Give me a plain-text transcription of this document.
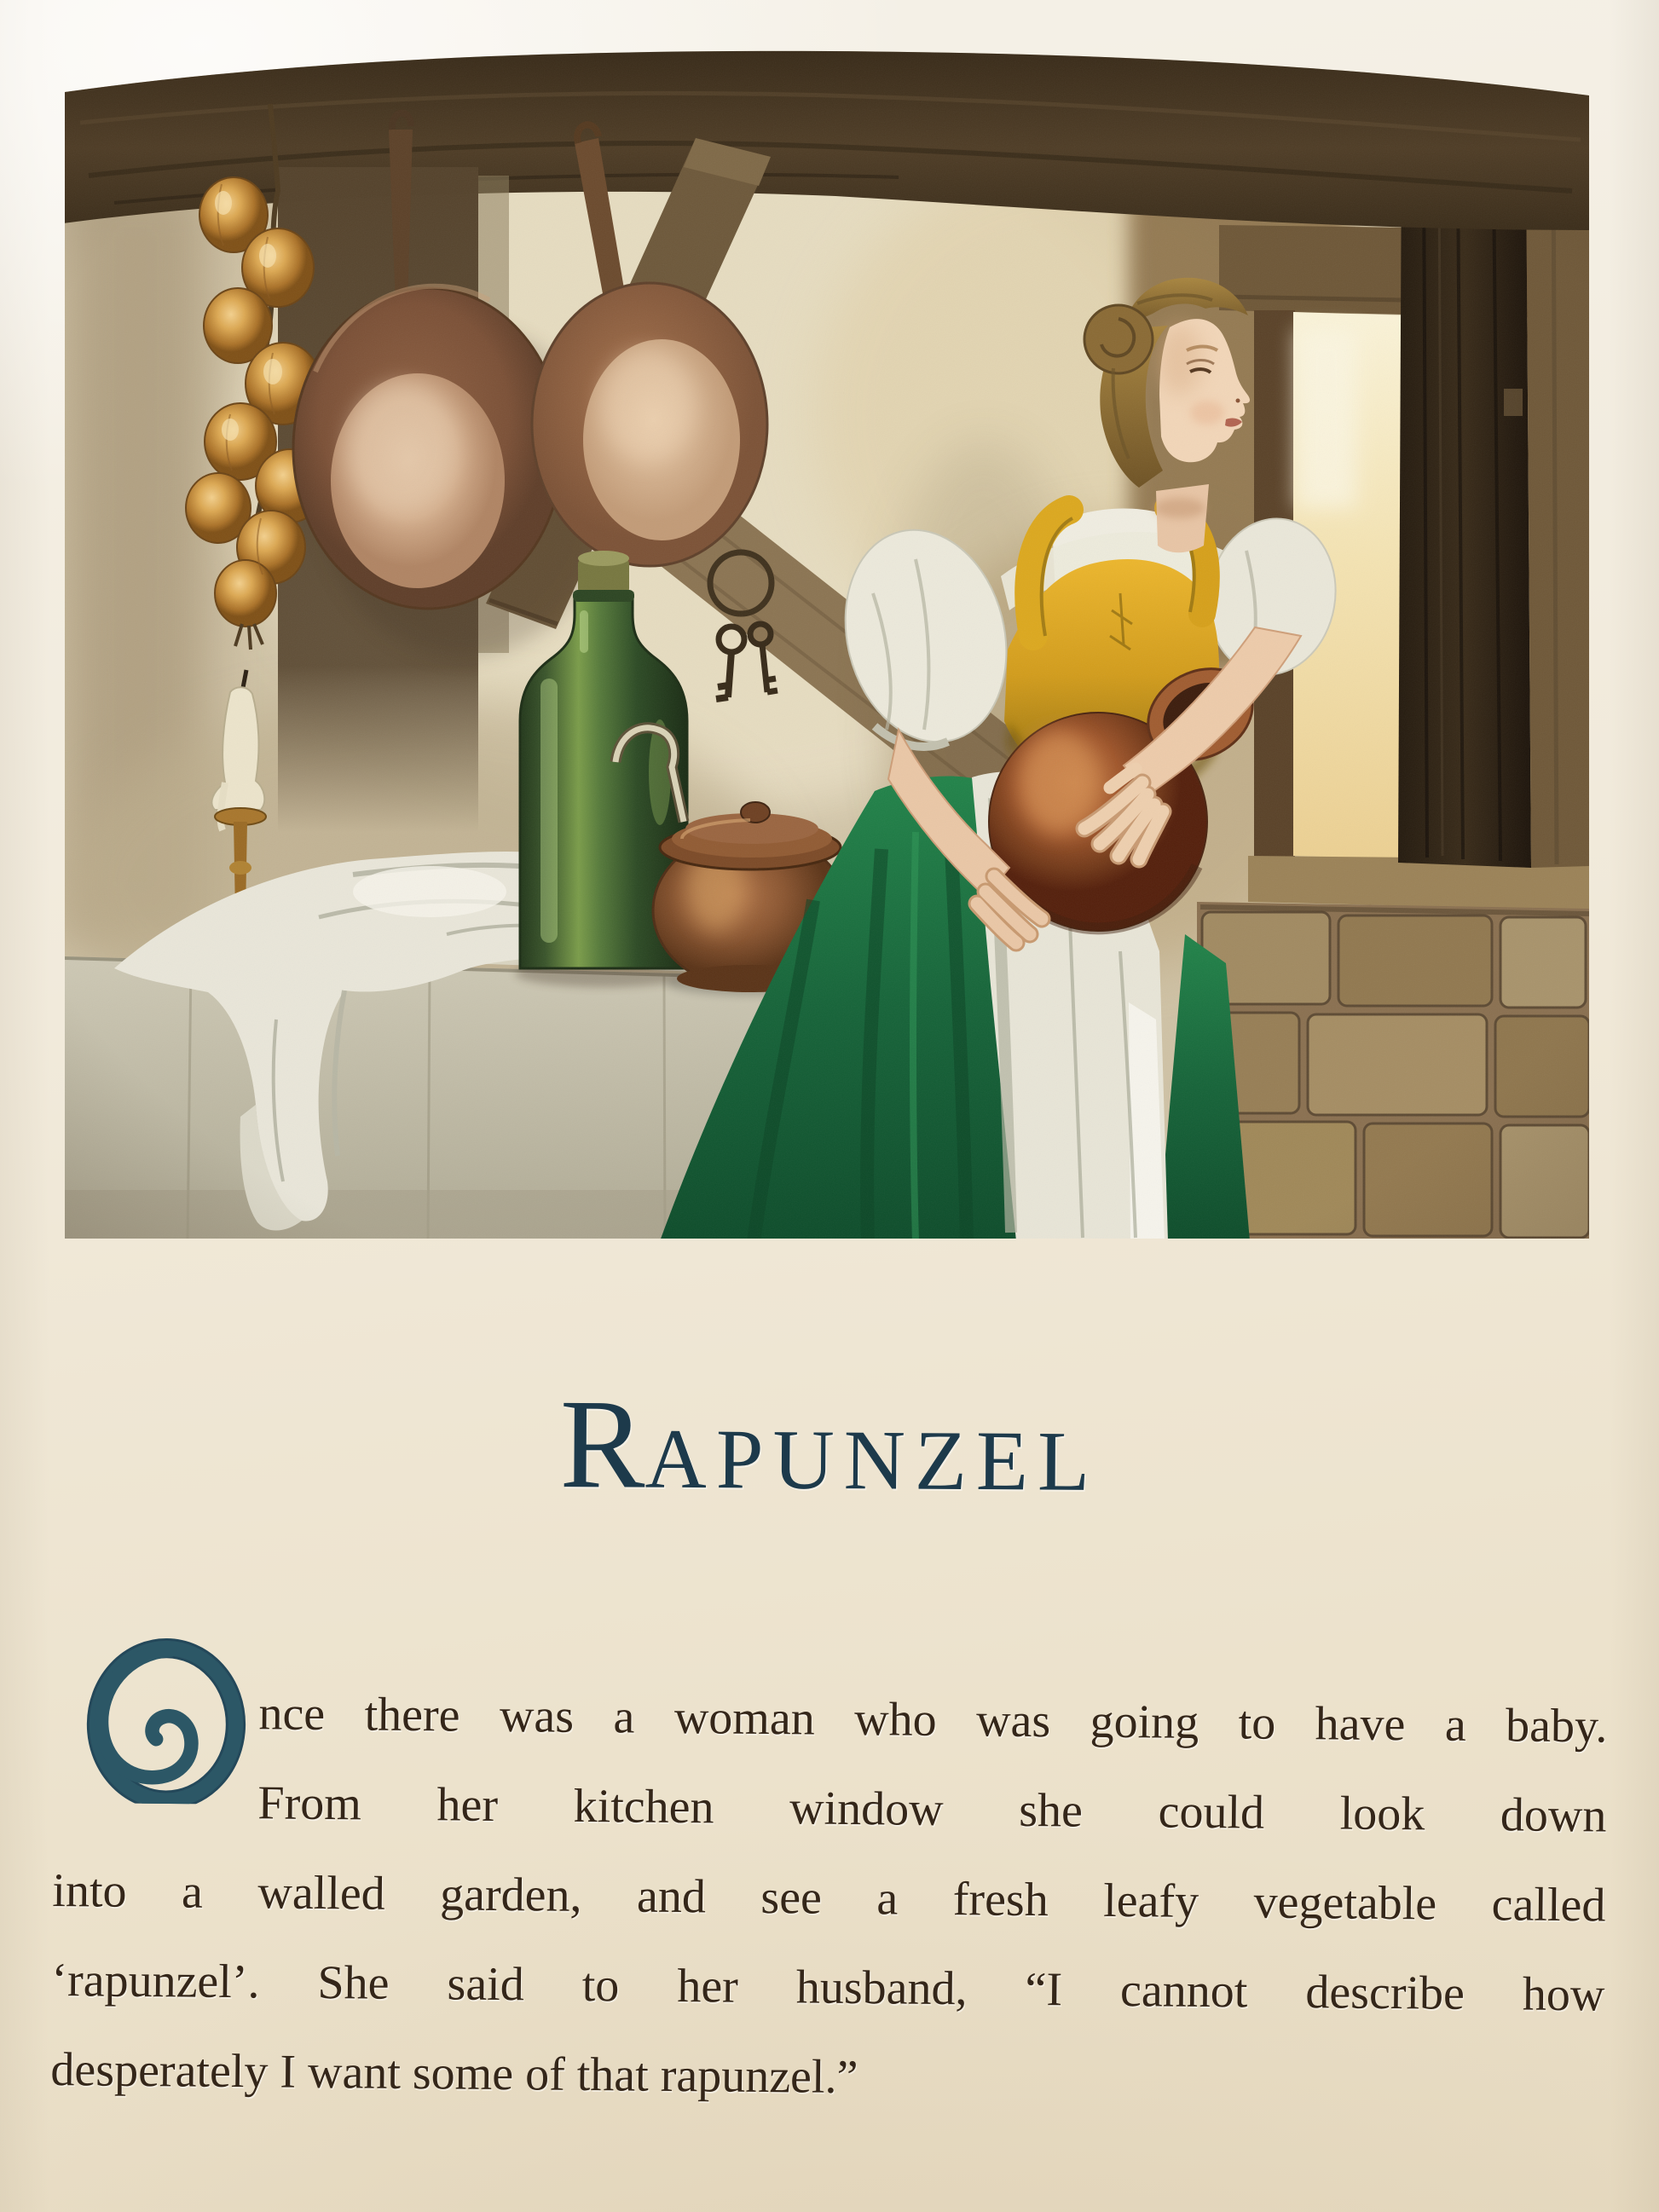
RAPUNZEL
nce there was a woman who was going to have a baby.
From her kitchen window she could look down
into a walled garden, and see a fresh leafy vegetable called
‘rapunzel’. She said to her husband, “I cannot describe how
desperately I want some of that rapunzel.”
